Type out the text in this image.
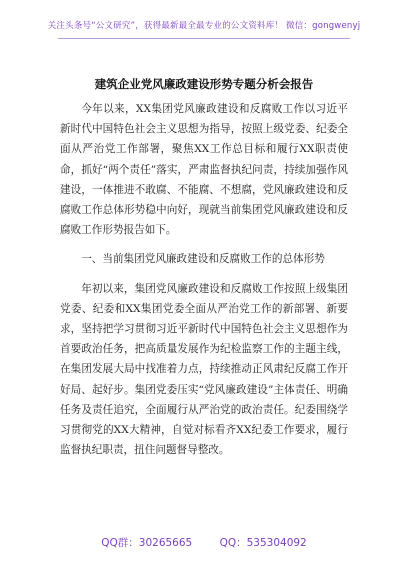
关注头条号“公文研究”，获得最新最全最专业的公文资料库！ 微信：gongwenyj
建筑企业党风廉政建设形势专题分析会报告

今年以来，XX集团党风廉政建设和反腐败工作以习近平新时代中国特色社会主义思想为指导，按照上级党委、纪委全面从严治党工作部署，聚焦XX工作总目标和履行XX职责使命，抓好“两个责任”落实，严肃监督执纪问责，持续加强作风建设，一体推进不敢腐、不能腐、不想腐，党风廉政建设和反腐败工作总体形势稳中向好，现就当前集团党风廉政建设和反腐败工作形势报告如下。

一、当前集团党风廉政建设和反腐败工作的总体形势

年初以来，集团党风廉政建设和反腐败工作按照上级集团党委、纪委和XX集团党委全面从严治党工作的新部署、新要求，坚持把学习贯彻习近平新时代中国特色社会主义思想作为首要政治任务，把高质量发展作为纪检监察工作的主题主线，在集团发展大局中找准着力点，持续推动正风肃纪反腐工作开好局、起好步。集团党委压实“党风廉政建设”主体责任、明确任务及责任追究，全面履行从严治党的政治责任。纪委围绕学习贯彻党的XX大精神，自觉对标看齐XX纪委工作要求，履行监督执纪职责，扭住问题督导整改。

QQ群：30265665	QQ：535304092
